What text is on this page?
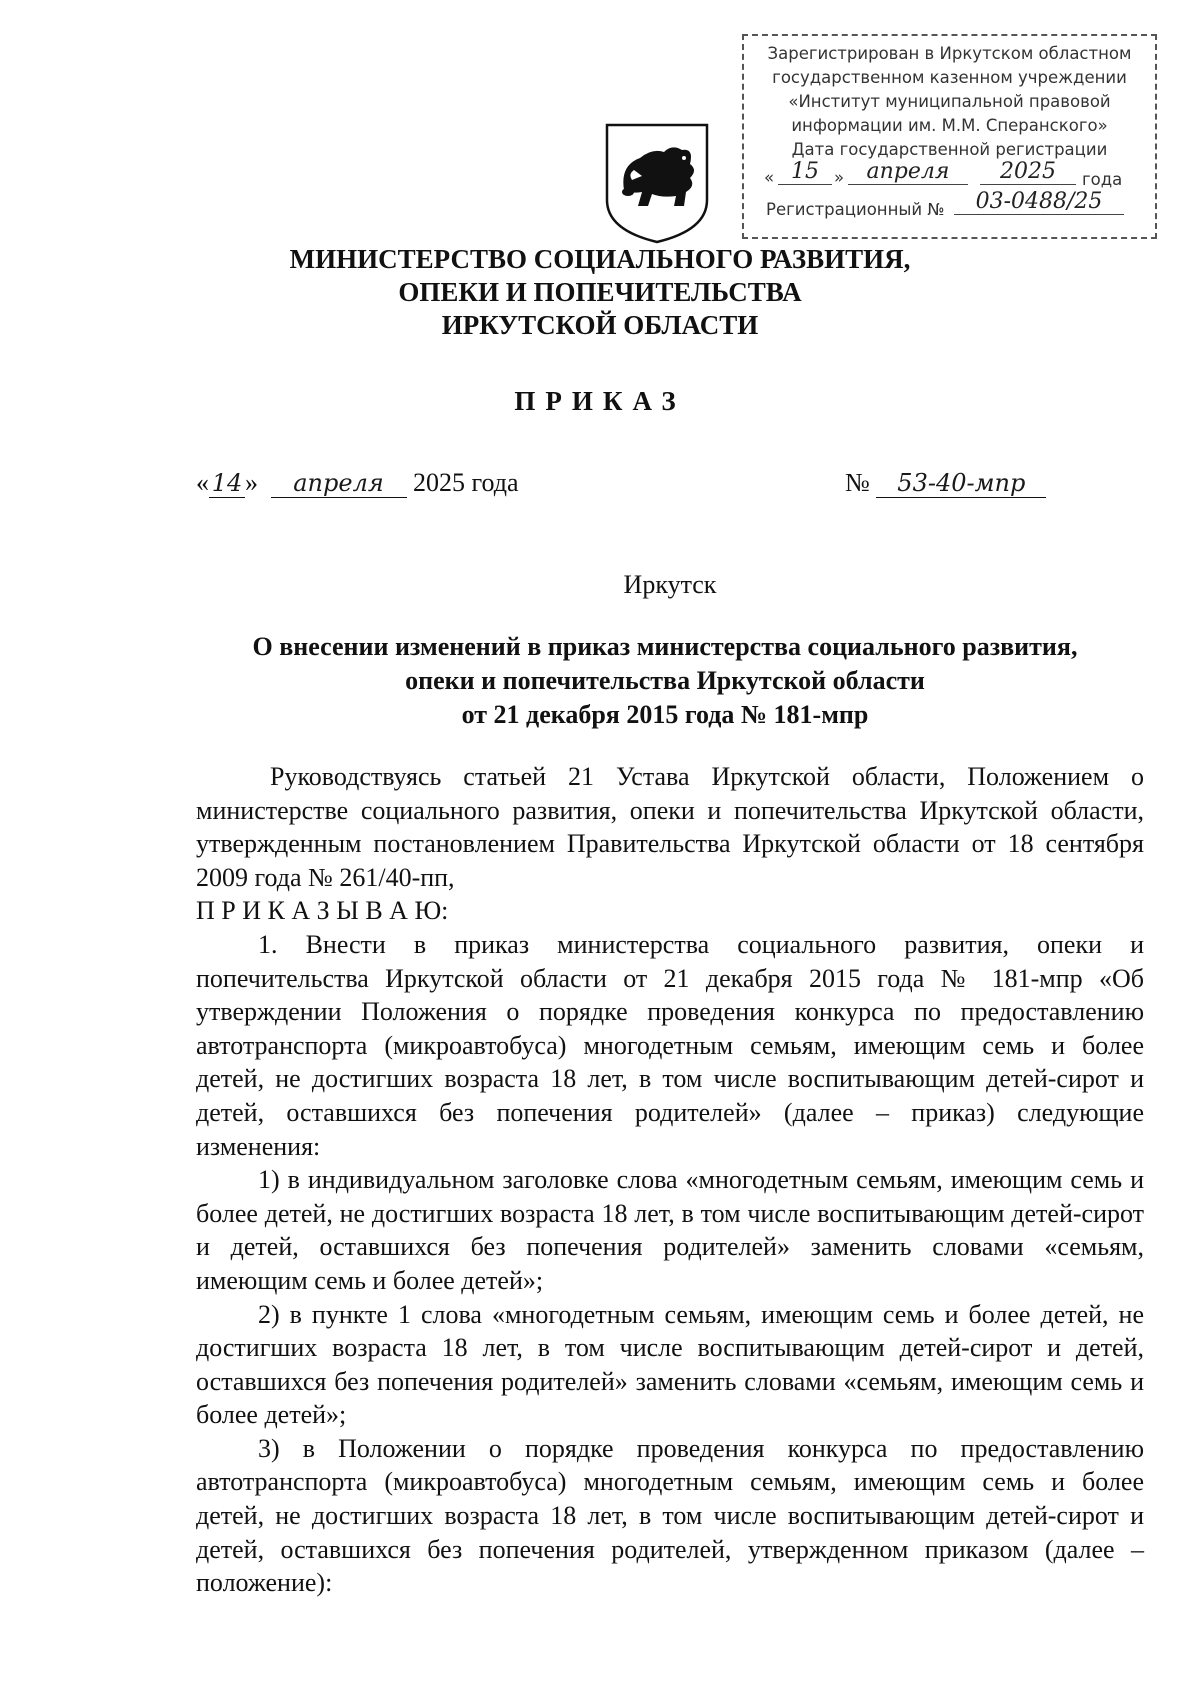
Зарегистрирован в Иркутском областном
государственном казенном учреждении
«Институт муниципальной правовой
информации им. М.М. Сперанского»
Дата государственной регистрации
« 15 »	апреля	2025	года
Регистрационный №	03-0488/25
МИНИСТЕРСТВО СОЦИАЛЬНОГО РАЗВИТИЯ,
ОПЕКИ И ПОПЕЧИТЕЛЬСТВА
ИРКУТСКОЙ ОБЛАСТИ
ПРИКАЗ
« 14 » апреля 2025 года	№ 53-40-мпр
Иркутск
О внесении изменений в приказ министерства социального развития,
опеки и попечительства Иркутской области
от 21 декабря 2015 года № 181-мпр

Руководствуясь статьей 21 Устава Иркутской области, Положением о министерстве социального развития, опеки и попечительства Иркутской области, утвержденным постановлением Правительства Иркутской области от 18 сентября 2009 года № 261/40-пп,

П Р И К А З Ы В А Ю:

1. Внести в приказ министерства социального развития, опеки и попечительства Иркутской области от 21 декабря 2015 года № 181-мпр «Об утверждении Положения о порядке проведения конкурса по предоставлению автотранспорта (микроавтобуса) многодетным семьям, имеющим семь и более детей, не достигших возраста 18 лет, в том числе воспитывающим детей-сирот и детей, оставшихся без попечения родителей» (далее – приказ) следующие изменения:

1) в индивидуальном заголовке слова «многодетным семьям, имеющим семь и более детей, не достигших возраста 18 лет, в том числе воспитывающим детей-сирот и детей, оставшихся без попечения родителей» заменить словами «семьям, имеющим семь и более детей»;

2) в пункте 1 слова «многодетным семьям, имеющим семь и более детей, не достигших возраста 18 лет, в том числе воспитывающим детей-сирот и детей, оставшихся без попечения родителей» заменить словами «семьям, имеющим семь и более детей»;

3) в Положении о порядке проведения конкурса по предоставлению автотранспорта (микроавтобуса) многодетным семьям, имеющим семь и более детей, не достигших возраста 18 лет, в том числе воспитывающим детей-сирот и детей, оставшихся без попечения родителей, утвержденном приказом (далее – положение):
